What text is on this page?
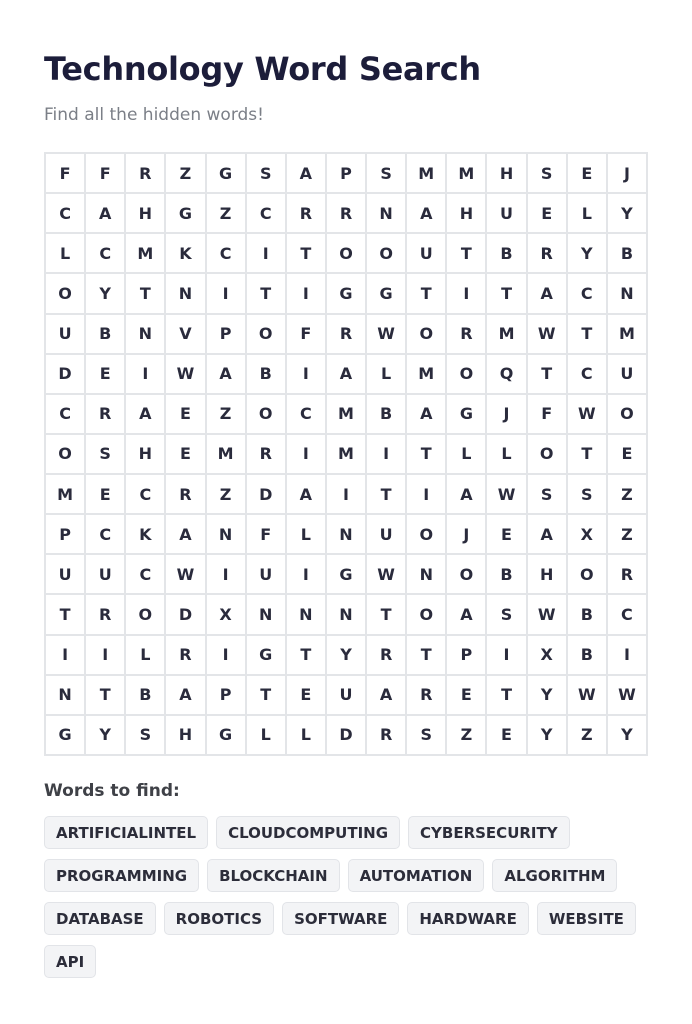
Technology Word Search

Find all the hidden words!

F	F	R	Z	G	S	A	P	S	M	M	H	S	E	J
C	A	H	G	Z	C	R	R	N	A	H	U	E	L	Y
L	C	M	K	C	I	T	O	O	U	T	B	R	Y	B
O	Y	T	N	I	T	I	G	G	T	I	T	A	C	N
U	B	N	V	P	O	F	R	W	O	R	M	W	T	M
D	E	I	W	A	B	I	A	L	M	O	Q	T	C	U
C	R	A	E	Z	O	C	M	B	A	G	J	F	W	O
O	S	H	E	M	R	I	M	I	T	L	L	O	T	E
M	E	C	R	Z	D	A	I	T	I	A	W	S	S	Z
P	C	K	A	N	F	L	N	U	O	J	E	A	X	Z
U	U	C	W	I	U	I	G	W	N	O	B	H	O	R
T	R	O	D	X	N	N	N	T	O	A	S	W	B	C
I	I	L	R	I	G	T	Y	R	T	P	I	X	B	I
N	T	B	A	P	T	E	U	A	R	E	T	Y	W	W
G	Y	S	H	G	L	L	D	R	S	Z	E	Y	Z	Y
Words to find:
ARTIFICIALINTEL	CLOUDCOMPUTING	CYBERSECURITY
PROGRAMMING	BLOCKCHAIN	AUTOMATION	ALGORITHM
DATABASE	ROBOTICS	SOFTWARE	HARDWARE	WEBSITE
API
